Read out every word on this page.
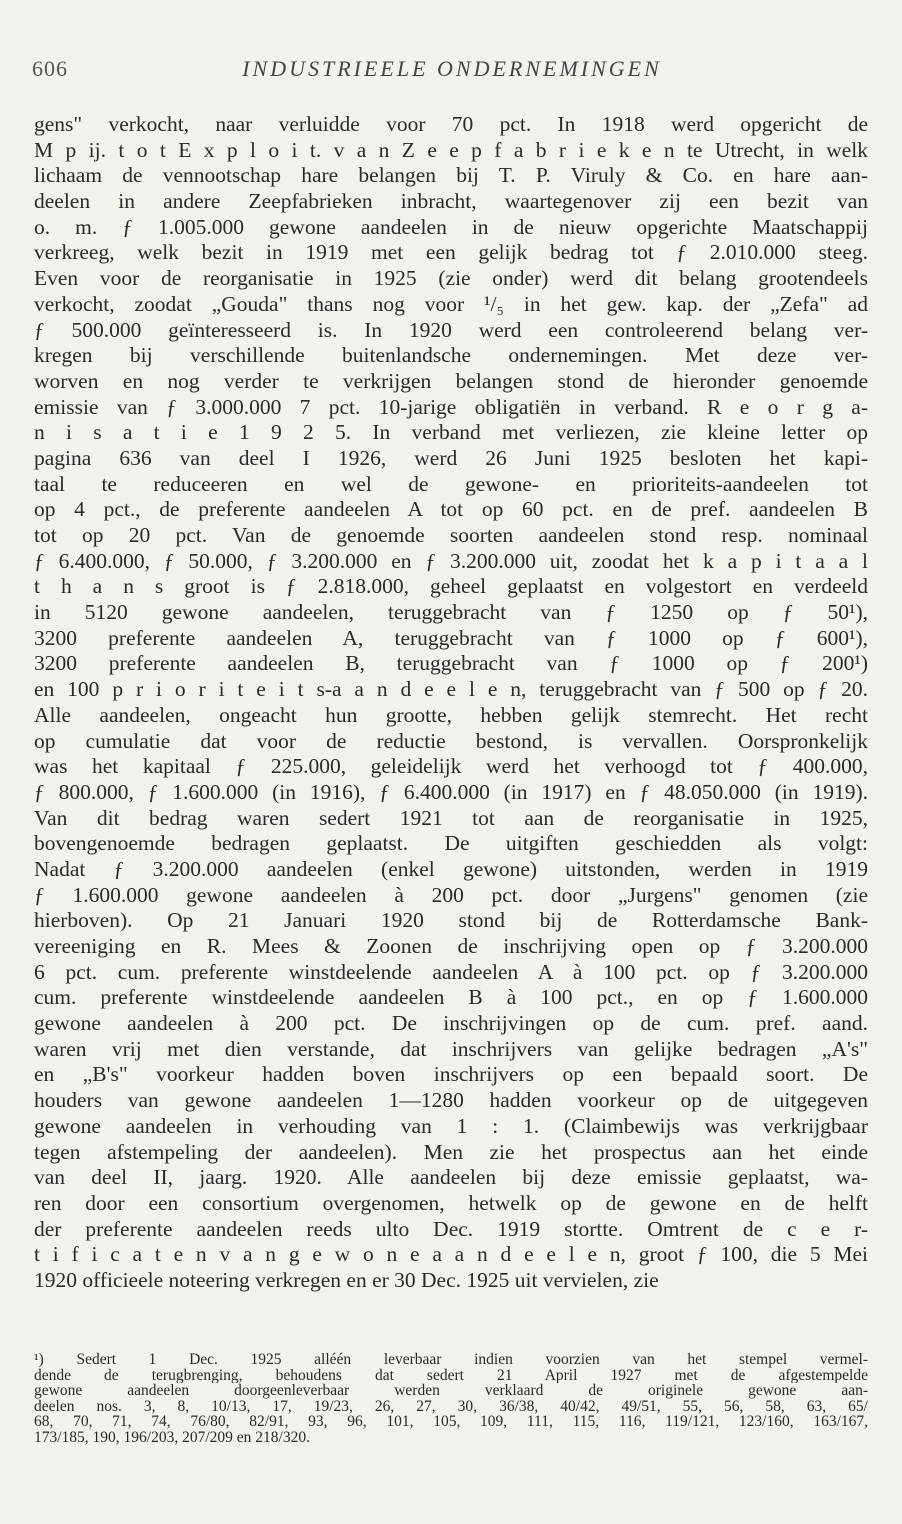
606	INDUSTRIEELE ONDERNEMINGEN
gens" verkocht, naar verluidde voor 70 pct. In 1918 werd opgericht de
M p ij. t o t E x p l o i t. v a n Z e e p f a b r i e k e n te Utrecht, in welk
lichaam de vennootschap hare belangen bij T. P. Viruly & Co. en hare aan-
deelen in andere Zeepfabrieken inbracht, waartegenover zij een bezit van
o. m. ƒ 1.005.000 gewone aandeelen in de nieuw opgerichte Maatschappij
verkreeg, welk bezit in 1919 met een gelijk bedrag tot ƒ 2.010.000 steeg.
Even voor de reorganisatie in 1925 (zie onder) werd dit belang grootendeels
verkocht, zoodat „Gouda" thans nog voor ¹/₅ in het gew. kap. der „Zefa" ad
ƒ 500.000 geïnteresseerd is. In 1920 werd een controleerend belang ver-
kregen bij verschillende buitenlandsche ondernemingen. Met deze ver-
worven en nog verder te verkrijgen belangen stond de hieronder genoemde
emissie van ƒ 3.000.000 7 pct. 10-jarige obligatiën in verband. R e o r g a-
n i s a t i e 1 9 2 5. In verband met verliezen, zie kleine letter op
pagina 636 van deel I 1926, werd 26 Juni 1925 besloten het kapi-
taal te reduceeren en wel de gewone- en prioriteits-aandeelen tot
op 4 pct., de preferente aandeelen A tot op 60 pct. en de pref. aandeelen B
tot op 20 pct. Van de genoemde soorten aandeelen stond resp. nominaal
ƒ 6.400.000, ƒ 50.000, ƒ 3.200.000 en ƒ 3.200.000 uit, zoodat het k a p i t a a l
t h a n s groot is ƒ 2.818.000, geheel geplaatst en volgestort en verdeeld
in 5120 gewone aandeelen, teruggebracht van ƒ 1250 op ƒ 50¹),
3200 preferente aandeelen A, teruggebracht van ƒ 1000 op ƒ 600¹),
3200 preferente aandeelen B, teruggebracht van ƒ 1000 op ƒ 200¹)
en 100 p r i o r i t e i t s-a a n d e e l e n, teruggebracht van ƒ 500 op ƒ 20.
Alle aandeelen, ongeacht hun grootte, hebben gelijk stemrecht. Het recht
op cumulatie dat voor de reductie bestond, is vervallen. Oorspronkelijk
was het kapitaal ƒ 225.000, geleidelijk werd het verhoogd tot ƒ 400.000,
ƒ 800.000, ƒ 1.600.000 (in 1916), ƒ 6.400.000 (in 1917) en ƒ 48.050.000 (in 1919).
Van dit bedrag waren sedert 1921 tot aan de reorganisatie in 1925,
bovengenoemde bedragen geplaatst. De uitgiften geschiedden als volgt:
Nadat ƒ 3.200.000 aandeelen (enkel gewone) uitstonden, werden in 1919
ƒ 1.600.000 gewone aandeelen à 200 pct. door „Jurgens" genomen (zie
hierboven). Op 21 Januari 1920 stond bij de Rotterdamsche Bank-
vereeniging en R. Mees & Zoonen de inschrijving open op ƒ 3.200.000
6 pct. cum. preferente winstdeelende aandeelen A à 100 pct. op ƒ 3.200.000
cum. preferente winstdeelende aandeelen B à 100 pct., en op ƒ 1.600.000
gewone aandeelen à 200 pct. De inschrijvingen op de cum. pref. aand.
waren vrij met dien verstande, dat inschrijvers van gelijke bedragen „A's"
en „B's" voorkeur hadden boven inschrijvers op een bepaald soort. De
houders van gewone aandeelen 1—1280 hadden voorkeur op de uitgegeven
gewone aandeelen in verhouding van 1 : 1. (Claimbewijs was verkrijgbaar
tegen afstempeling der aandeelen). Men zie het prospectus aan het einde
van deel II, jaarg. 1920. Alle aandeelen bij deze emissie geplaatst, wa-
ren door een consortium overgenomen, hetwelk op de gewone en de helft
der preferente aandeelen reeds ulto Dec. 1919 stortte. Omtrent de c e r-
t i f i c a t e n v a n g e w o n e a a n d e e l e n, groot ƒ 100, die 5 Mei
1920 officieele noteering verkregen en er 30 Dec. 1925 uit vervielen, zie
¹) Sedert 1 Dec. 1925 alléén leverbaar indien voorzien van het stempel vermel-
dende de terugbrenging, behoudens dat sedert 21 April 1927 met de afgestempelde
gewone aandeelen doorgeenleverbaar werden verklaard de originele gewone aan-
deelen nos. 3, 8, 10/13, 17, 19/23, 26, 27, 30, 36/38, 40/42, 49/51, 55, 56, 58, 63, 65/
68, 70, 71, 74, 76/80, 82/91, 93, 96, 101, 105, 109, 111, 115, 116, 119/121, 123/160, 163/167,
173/185, 190, 196/203, 207/209 en 218/320.
